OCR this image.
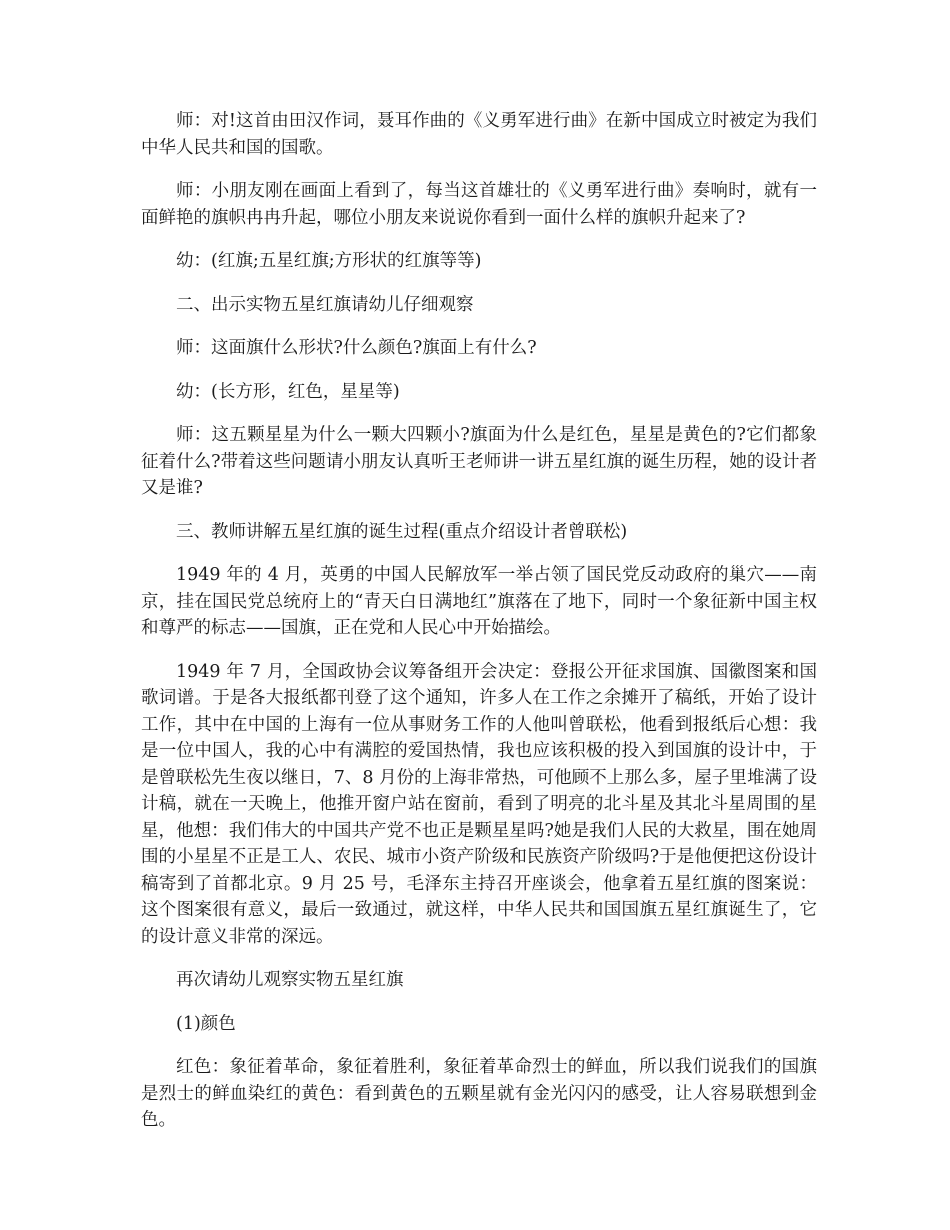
师：对!这首由田汉作词，聂耳作曲的《义勇军进行曲》在新中国成立时被定为我们中华人民共和国的国歌。

师：小朋友刚在画面上看到了，每当这首雄壮的《义勇军进行曲》奏响时，就有一面鲜艳的旗帜冉冉升起，哪位小朋友来说说你看到一面什么样的旗帜升起来了?

幼：(红旗;五星红旗;方形状的红旗等等)

二、出示实物五星红旗请幼儿仔细观察

师：这面旗什么形状?什么颜色?旗面上有什么?

幼：(长方形，红色，星星等)

师：这五颗星星为什么一颗大四颗小?旗面为什么是红色，星星是黄色的?它们都象征着什么?带着这些问题请小朋友认真听王老师讲一讲五星红旗的诞生历程，她的设计者又是谁?

三、教师讲解五星红旗的诞生过程(重点介绍设计者曾联松)

1949 年的 4 月，英勇的中国人民解放军一举占领了国民党反动政府的巢穴——南京，挂在国民党总统府上的“青天白日满地红”旗落在了地下，同时一个象征新中国主权和尊严的标志——国旗，正在党和人民心中开始描绘。

1949 年 7 月，全国政协会议筹备组开会决定：登报公开征求国旗、国徽图案和国歌词谱。于是各大报纸都刊登了这个通知，许多人在工作之余摊开了稿纸，开始了设计工作，其中在中国的上海有一位从事财务工作的人他叫曾联松，他看到报纸后心想：我是一位中国人，我的心中有满腔的爱国热情，我也应该积极的投入到国旗的设计中，于是曾联松先生夜以继日，7、8 月份的上海非常热，可他顾不上那么多，屋子里堆满了设计稿，就在一天晚上，他推开窗户站在窗前，看到了明亮的北斗星及其北斗星周围的星星，他想：我们伟大的中国共产党不也正是颗星星吗?她是我们人民的大救星，围在她周围的小星星不正是工人、农民、城市小资产阶级和民族资产阶级吗?于是他便把这份设计稿寄到了首都北京。9 月 25 号，毛泽东主持召开座谈会，他拿着五星红旗的图案说：这个图案很有意义，最后一致通过，就这样，中华人民共和国国旗五星红旗诞生了，它的设计意义非常的深远。

再次请幼儿观察实物五星红旗

(1)颜色

红色：象征着革命，象征着胜利，象征着革命烈士的鲜血，所以我们说我们的国旗是烈士的鲜血染红的黄色：看到黄色的五颗星就有金光闪闪的感受，让人容易联想到金色。
